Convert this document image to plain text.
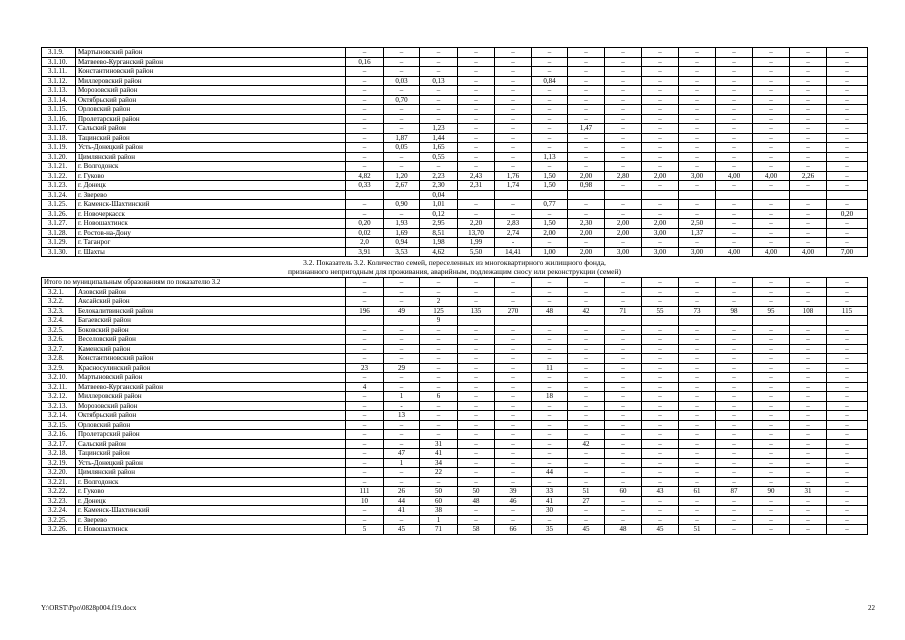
3.1.9.	Мартыновский район	–	–	–	–	–	–	–	–	–	–	–	–	–	–
3.1.10.	Матвеево-Курганский район	0,16	–	–	–	–	–	–	–	–	–	–	–	–	–
3.1.11.	Константиновский район	–	–	–	–	–	–	–	–	–	–	–	–	–	–
3.1.12.	Миллеровский район	–	0,03	0,13	–	–	0,84	–	–	–	–	–	–	–	–
3.1.13.	Морозовский район	–	–	–	–	–	–	–	–	–	–	–	–	–	–
3.1.14.	Октябрьский район	–	0,70	–	–	–	–	–	–	–	–	–	–	–	–
3.1.15.	Орловский район	–	–	–	–	–	–	–	–	–	–	–	–	–	–
3.1.16.	Пролетарский район	–	–	–	–	–	–	–	–	–	–	–	–	–	–
3.1.17.	Сальский район	–	–	1,23	–	–	–	1,47	–	–	–	–	–	–	–
3.1.18.	Тацинский район	–	1,87	1,44	–	–	–	–	–	–	–	–	–	–	–
3.1.19.	Усть-Донецкий район	–	0,05	1,65	–	–	–	–	–	–	–	–	–	–	–
3.1.20.	Цимлянский район	–	–	0,55	–	–	1,13	–	–	–	–	–	–	–	–
3.1.21.	г. Волгодонск	–	–	–	–	–	–	–	–	–	–	–	–	–	–
3.1.22.	г. Гуково	4,82	1,20	2,23	2,43	1,76	1,50	2,00	2,80	2,00	3,00	4,00	4,00	2,26	–
3.1.23.	г. Донецк	0,33	2,67	2,30	2,31	1,74	1,50	0,98	–	–	–	–	–	–	–
3.1.24.	г. Зверево			0,04											
3.1.25.	г. Каменск-Шахтинский	–	0,90	1,01	–	–	0,77	–	–	–	–	–	–	–	–
3.1.26.	г. Новочеркасск	–	–	0,12	–	–	–	–	–	–	–	–	–	–	0,20
3.1.27.	г. Новошахтинск	0,20	1,93	2,95	2,20	2,83	1,50	2,30	2,00	2,00	2,50	–	–	–	–
3.1.28.	г. Ростов-на-Дону	0,02	1,69	8,51	13,70	2,74	2,00	2,00	2,00	3,00	1,37	–	–	–	–
3.1.29.	г. Таганрог	2,0	0,94	1,98	1,99	-	–	–	–	–	–	–	–	–	–
3.1.30.	г. Шахты	3,91	3,53	4,62	5,50	14,41	1,00	2,00	3,00	3,00	3,00	4,00	4,00	4,00	7,00

3.2. Показатель 3.2. Количество семей, переселенных из многоквартирного жилищного фонда,
признанного непригодным для проживания, аварийным, подлежащим сносу или реконструкции (семей)															

Итого по муниципальным образованиям по показателю 3.2		–	–	–	–	–	–	–	–	–	–	–	–	–	–
3.2.1.	Азовский район	–	–	–	–	–	–	–	–	–	–	–	–	–	–
3.2.2.	Аксайский район	–	–	2	–	–	–	–	–	–	–	–	–	–	–
3.2.3.	Белокалитвинский район	196	49	125	135	270	48	42	71	55	73	98	95	108	115
3.2.4.	Багаевский район			9											
3.2.5.	Боковский район	–	–	–	–	–	–	–	–	–	–	–	–	–	–
3.2.6.	Веселовский район	–	–	–	–	–	–	–	–	–	–	–	–	–	–
3.2.7.	Каменский район	–	–	–	–	–	–	–	–	–	–	–	–	–	–
3.2.8.	Константиновский район	–	–	–	–	–	–	–	–	–	–	–	–	–	–
3.2.9.	Красносулинский район	23	29	–	–	–	11	–	–	–	–	–	–	–	–
3.2.10.	Мартыновский район	–	–	–	–	–	–	–	–	–	–	–	–	–	–
3.2.11.	Матвеево-Курганский район	4	–	–	–	–	–	–	–	–	–	–	–	–	–
3.2.12.	Миллеровский район	–	1	6	–	–	18	–	–	–	–	–	–	–	–
3.2.13.	Морозовский район	–	-	–	–	–	–	–	–	–	–	–	–	–	–
3.2.14.	Октябрьский район	–	13	–	–	–	–	–	–	–	–	–	–	–	–
3.2.15.	Орловский район	–	–	–	–	–	–	–	–	–	–	–	–	–	–
3.2.16.	Пролетарский район	–	–	–	–	–	–	–	–	–	–	–	–	–	–
3.2.17.	Сальский район	–	–	31	–	–	–	42	–	–	–	–	–	–	–
3.2.18.	Тацинский район	–	47	41	–	–	–	–	–	–	–	–	–	–	–
3.2.19.	Усть-Донецкий район	–	1	34	–	–	–	–	–	–	–	–	–	–	–
3.2.20.	Цимлянский район	–	–	22	–	–	44	–	–	–	–	–	–	–	–
3.2.21.	г. Волгодонск	–	–	–	–	–	–	–	–	–	–	–	–	–	–
3.2.22.	г. Гуково	111	26	50	50	39	33	51	60	43	61	87	90	31	–
3.2.23.	г. Донецк	10	44	60	48	46	41	27	–	–	–	–	–	–	–
3.2.24.	г. Каменск-Шахтинский	–	41	38	–	–	30	–	–	–	–	–	–	–	–
3.2.25.	г. Зверево	–	–	1	–	–	–	–	–	–	–	–	–	–	–
3.2.26.	г. Новошахтинск	5	45	71	58	66	35	45	48	45	51	–	–	–	–
Y:\ORST\Ppo\0828p004.f19.docx	22
